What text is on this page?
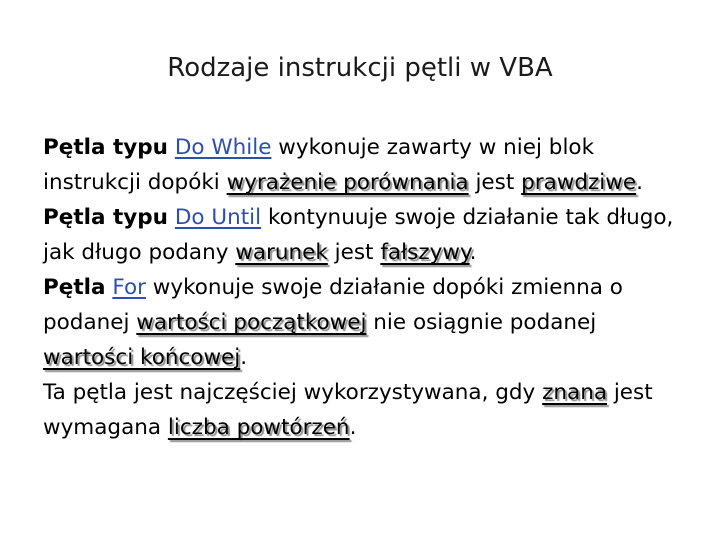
Rodzaje instrukcji pętli w VBA

Pętla typu Do While wykonuje zawarty w niej blok instrukcji dopóki wyrażenie porównania jest prawdziwe.

Pętla typu Do Until kontynuuje swoje działanie tak długo, jak długo podany warunek jest fałszywy.

Pętla For wykonuje swoje działanie dopóki zmienna o podanej wartości początkowej nie osiągnie podanej wartości końcowej.

Ta pętla jest najczęściej wykorzystywana, gdy znana jest wymagana liczba powtórzeń.
